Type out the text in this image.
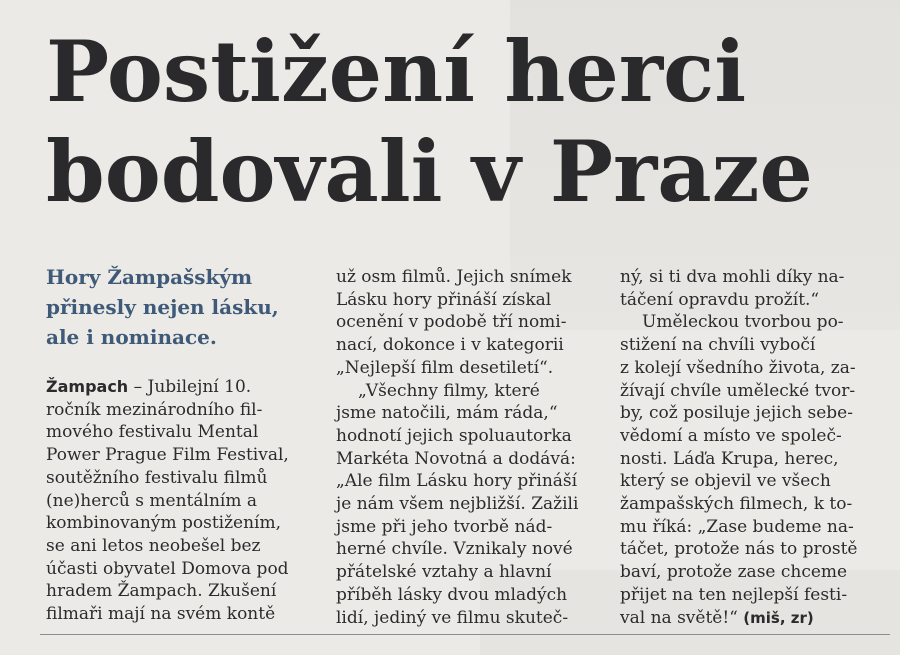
Postižení herci
bodovali v Praze

Hory Žampašským
přinesly nejen lásku,
ale i nominace.

Žampach – Jubilejní 10.
ročník mezinárodního fil-
mového festivalu Mental
Power Prague Film Festival,
soutěžního festivalu filmů
(ne)herců s mentálním a
kombinovaným postižením,
se ani letos neobešel bez
účasti obyvatel Domova pod
hradem Žampach. Zkušení
filmaři mají na svém kontě

už osm filmů. Jejich snímek
Lásku hory přináší získal
ocenění v podobě tří nomi-
nací, dokonce i v kategorii
„Nejlepší film desetiletí“.
„Všechny filmy, které
jsme natočili, mám ráda,“
hodnotí jejich spoluautorka
Markéta Novotná a dodává:
„Ale film Lásku hory přináší
je nám všem nejbližší. Zažili
jsme při jeho tvorbě nád-
herné chvíle. Vznikaly nové
přátelské vztahy a hlavní
příběh lásky dvou mladých
lidí, jediný ve filmu skuteč-

ný, si ti dva mohli díky na-
táčení opravdu prožít.“
Uměleckou tvorbou po-
stižení na chvíli vybočí
z kolejí všedního života, za-
žívají chvíle umělecké tvor-
by, což posiluje jejich sebe-
vědomí a místo ve společ-
nosti. Láďa Krupa, herec,
který se objevil ve všech
žampašských filmech, k to-
mu říká: „Zase budeme na-
táčet, protože nás to prostě
baví, protože zase chceme
přijet na ten nejlepší festi-
val na světě!“ (miš, zr)
